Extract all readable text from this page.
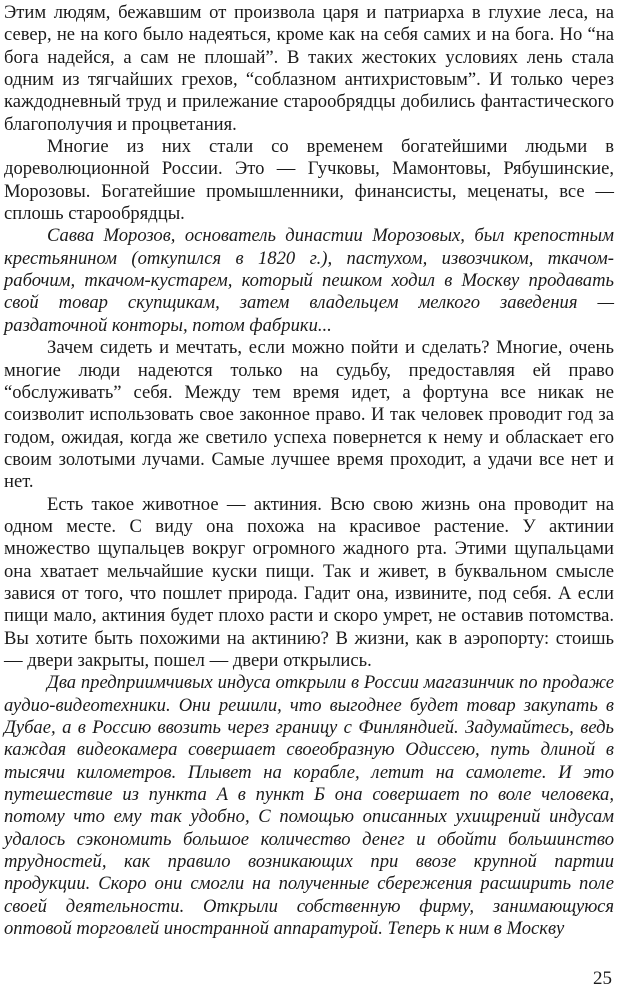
Этим людям, бежавшим от произвола царя и патриарха в глухие леса, на север, не на кого было надеяться, кроме как на себя самих и на бога. Но “на бога надейся, а сам не плошай”. В таких жестоких условиях лень стала одним из тягчайших грехов, “соблазном антихристовым”. И только через каждодневный труд и прилежание старообрядцы добились фантастического благополучия и процветания.

Многие из них стали со временем богатейшими людьми в дореволюционной России. Это — Гучковы, Мамонтовы, Рябушинские, Морозовы. Богатейшие промышленники, финансисты, меценаты, все — сплошь старообрядцы.

Савва Морозов, основатель династии Морозовых, был крепостным крестьянином (откупился в 1820 г.), пастухом, извозчиком, ткачом-рабочим, ткачом-кустарем, который пешком ходил в Москву продавать свой товар скупщикам, затем владельцем мелкого заведения — раздаточной конторы, потом фабрики...

Зачем сидеть и мечтать, если можно пойти и сделать? Многие, очень многие люди надеются только на судьбу, предоставляя ей право “обслуживать” себя. Между тем время идет, а фортуна все никак не соизволит использовать свое законное право. И так человек проводит год за годом, ожидая, когда же светило успеха повернется к нему и обласкает его своим золотыми лучами. Самые лучшее время проходит, а удачи все нет и нет.

Есть такое животное — актиния. Всю свою жизнь она проводит на одном месте. С виду она похожа на красивое растение. У актинии множество щупальцев вокруг огромного жадного рта. Этими щупальцами она хватает мельчайшие куски пищи. Так и живет, в буквальном смысле завися от того, что пошлет природа. Гадит она, извините, под себя. А если пищи мало, актиния будет плохо расти и скоро умрет, не оставив потомства. Вы хотите быть похожими на актинию? В жизни, как в аэропорту: стоишь — двери закрыты, пошел — двери открылись.

Два предприимчивых индуса открыли в России магазинчик по продаже аудио-видеотехники. Они решили, что выгоднее будет товар закупать в Дубае, а в Россию ввозить через границу с Финляндией. Задумайтесь, ведь каждая видеокамера совершает своеобразную Одиссею, путь длиной в тысячи километров. Плывет на корабле, летит на самолете. И это путешествие из пункта А в пункт Б она совершает по воле человека, потому что ему так удобно, С помощью описанных ухищрений индусам удалось сэкономить большое количество денег и обойти большинство трудностей, как правило возникающих при ввозе крупной партии продукции. Скоро они смогли на полученные сбережения расширить поле своей деятельности. Открыли собственную фирму, занимающуюся оптовой торговлей иностранной аппаратурой. Теперь к ним в Москву

25
